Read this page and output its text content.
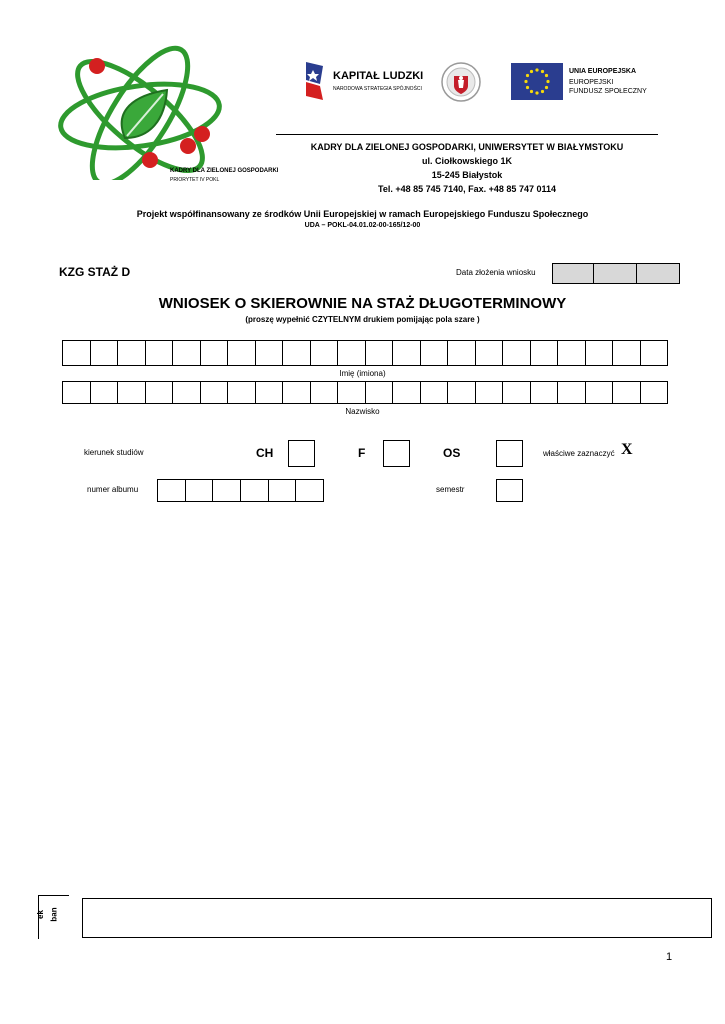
KADRY DLA ZIELONEJ GOSPODARKI
PRIORYTET IV POKL
KAPITAŁ LUDZKI
NARODOWA STRATEGIA SPÓJNOŚCI
UNIA EUROPEJSKA
EUROPEJSKI
FUNDUSZ SPOŁECZNY
KADRY DLA ZIELONEJ GOSPODARKI, UNIWERSYTET W BIAŁYMSTOKU
ul. Ciołkowskiego 1K
15-245 Białystok
Tel. +48 85 745 7140, Fax. +48 85 747 0114
Projekt współfinansowany ze środków Unii Europejskiej w ramach Europejskiego Funduszu Społecznego
UDA – POKL-04.01.02-00-165/12-00
KZG STAŻ D	Data złożenia wniosku
WNIOSEK O SKIEROWNIE NA STAŻ DŁUGOTERMINOWY
(proszę wypełnić CZYTELNYM drukiem pomijając pola szare )
Imię (imiona)
Nazwisko
kierunek studiów	CH	F	OS	właściwe zaznaczyć X
numer albumu	semestr
ek ban
1
